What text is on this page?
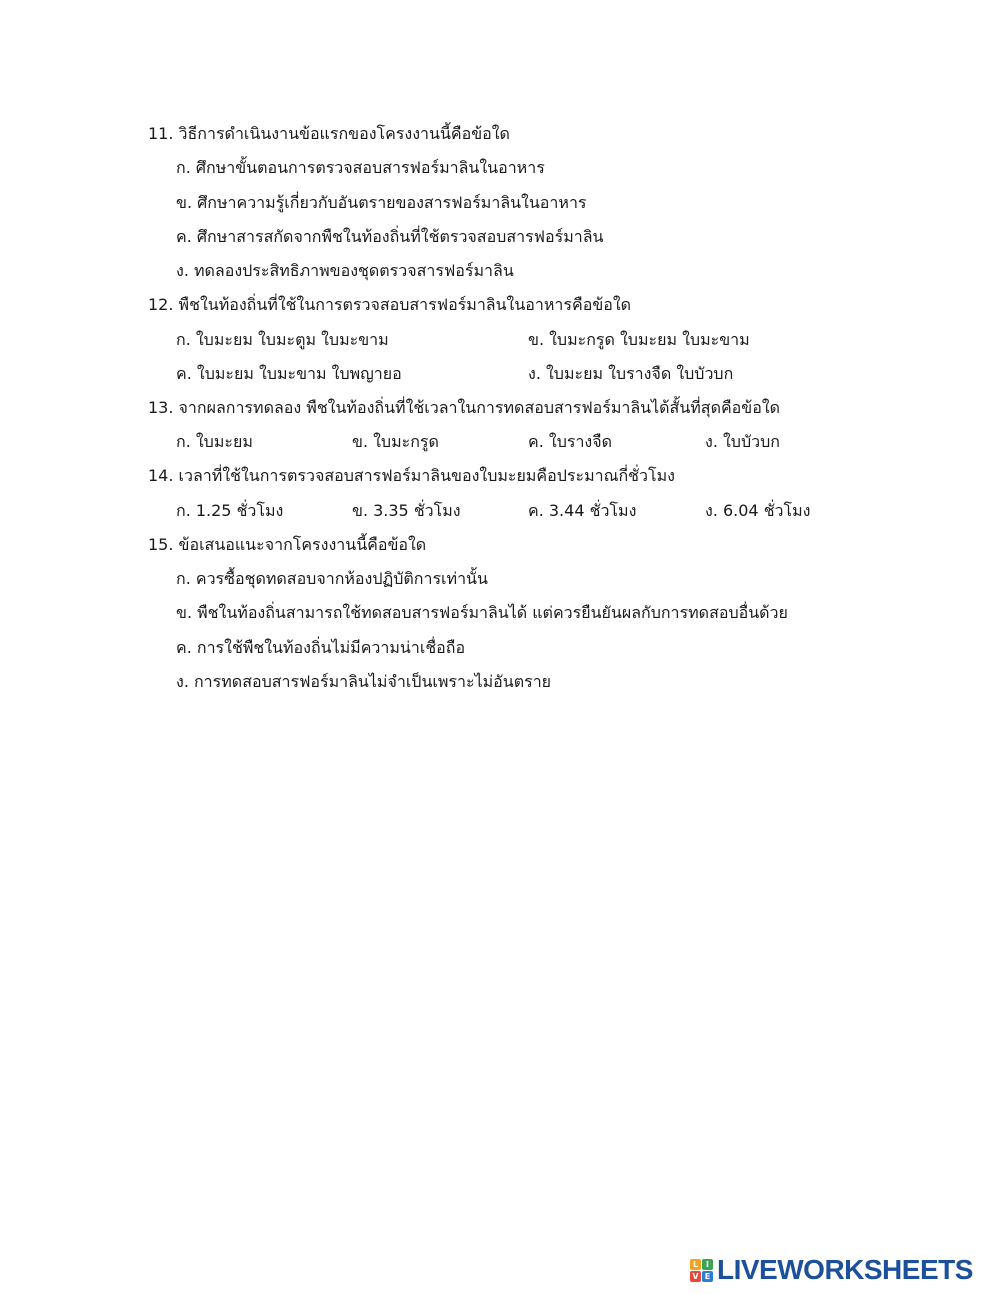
11. วิธีการดำเนินงานข้อแรกของโครงงานนี้คือข้อใด
ก. ศึกษาขั้นตอนการตรวจสอบสารฟอร์มาลินในอาหาร
ข. ศึกษาความรู้เกี่ยวกับอันตรายของสารฟอร์มาลินในอาหาร
ค. ศึกษาสารสกัดจากพืชในท้องถิ่นที่ใช้ตรวจสอบสารฟอร์มาลิน
ง. ทดลองประสิทธิภาพของชุดตรวจสารฟอร์มาลิน
12. พืชในท้องถิ่นที่ใช้ในการตรวจสอบสารฟอร์มาลินในอาหารคือข้อใด
ก. ใบมะยม ใบมะตูม ใบมะขาม	ข. ใบมะกรูด ใบมะยม ใบมะขาม
ค. ใบมะยม ใบมะขาม ใบพญายอ	ง. ใบมะยม ใบรางจืด ใบบัวบก
13. จากผลการทดลอง พืชในท้องถิ่นที่ใช้เวลาในการทดสอบสารฟอร์มาลินได้สั้นที่สุดคือข้อใด
ก. ใบมะยม	ข. ใบมะกรูด	ค. ใบรางจืด	ง. ใบบัวบก
14. เวลาที่ใช้ในการตรวจสอบสารฟอร์มาลินของใบมะยมคือประมาณกี่ชั่วโมง
ก. 1.25 ชั่วโมง	ข. 3.35 ชั่วโมง	ค. 3.44 ชั่วโมง	ง. 6.04 ชั่วโมง
15. ข้อเสนอแนะจากโครงงานนี้คือข้อใด
ก. ควรซื้อชุดทดสอบจากห้องปฏิบัติการเท่านั้น
ข. พืชในท้องถิ่นสามารถใช้ทดสอบสารฟอร์มาลินได้ แต่ควรยืนยันผลกับการทดสอบอื่นด้วย
ค. การใช้พืชในท้องถิ่นไม่มีความน่าเชื่อถือ
ง. การทดสอบสารฟอร์มาลินไม่จำเป็นเพราะไม่อันตราย
L I
V E LIVEWORKSHEETS
